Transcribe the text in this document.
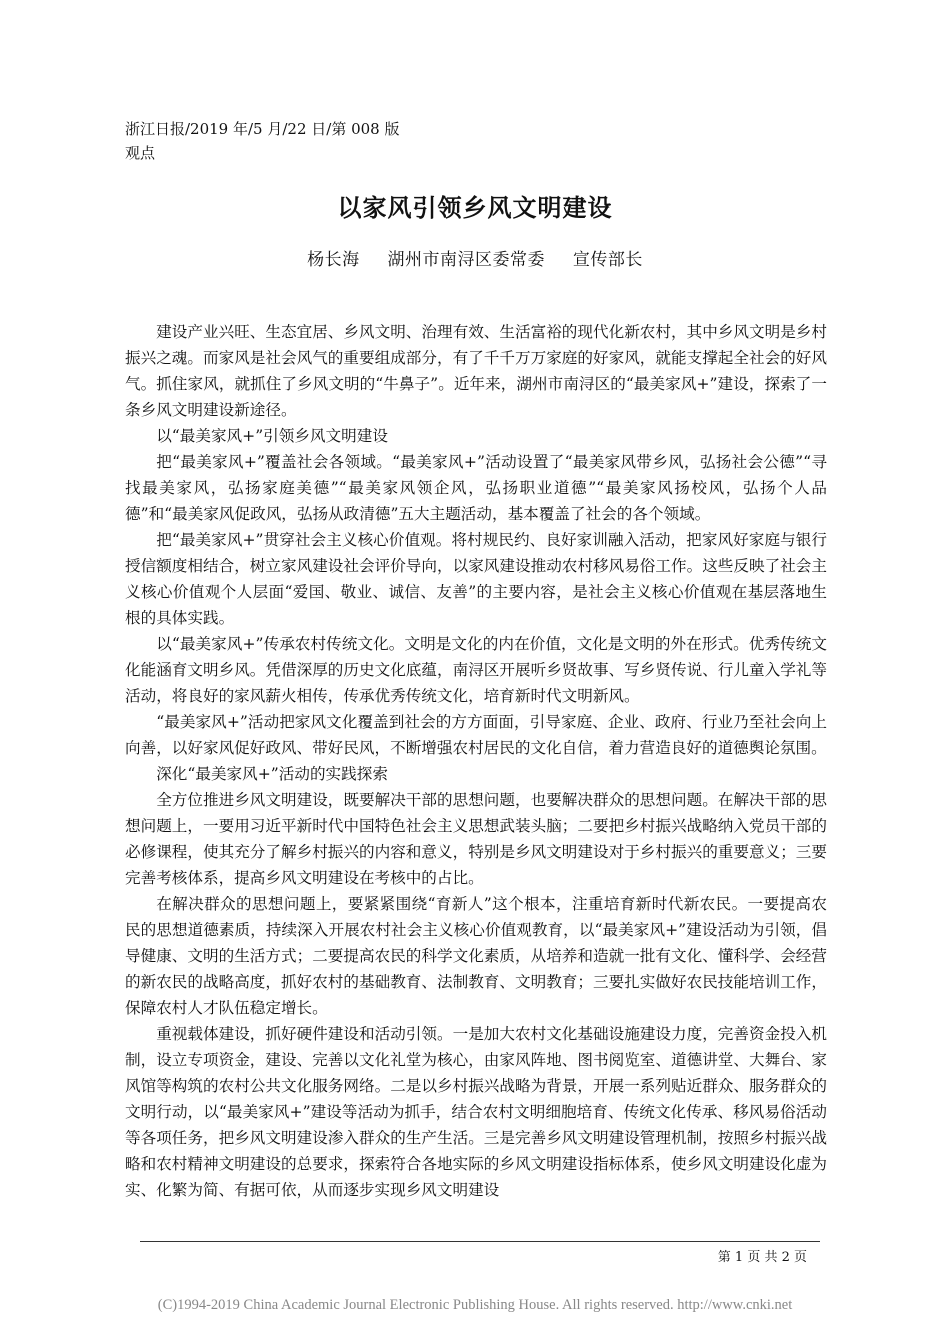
浙江日报/2019 年/5 月/22 日/第 008 版
观点
以家风引领乡风文明建设
杨长海 湖州市南浔区委常委 宣传部长

建设产业兴旺、生态宜居、乡风文明、治理有效、生活富裕的现代化新农村，其中乡风文明是乡村振兴之魂。而家风是社会风气的重要组成部分，有了千千万万家庭的好家风，就能支撑起全社会的好风气。抓住家风，就抓住了乡风文明的“牛鼻子”。近年来，湖州市南浔区的“最美家风+”建设，探索了一条乡风文明建设新途径。

以“最美家风+”引领乡风文明建设

把“最美家风+”覆盖社会各领域。“最美家风+”活动设置了“最美家风带乡风，弘扬社会公德”“寻找最美家风，弘扬家庭美德”“最美家风领企风，弘扬职业道德”“最美家风扬校风，弘扬个人品德”和“最美家风促政风，弘扬从政清德”五大主题活动，基本覆盖了社会的各个领域。

把“最美家风+”贯穿社会主义核心价值观。将村规民约、良好家训融入活动，把家风好家庭与银行授信额度相结合，树立家风建设社会评价导向，以家风建设推动农村移风易俗工作。这些反映了社会主义核心价值观个人层面“爱国、敬业、诚信、友善”的主要内容，是社会主义核心价值观在基层落地生根的具体实践。

以“最美家风+”传承农村传统文化。文明是文化的内在价值，文化是文明的外在形式。优秀传统文化能涵育文明乡风。凭借深厚的历史文化底蕴，南浔区开展听乡贤故事、写乡贤传说、行儿童入学礼等活动，将良好的家风薪火相传，传承优秀传统文化，培育新时代文明新风。

“最美家风+”活动把家风文化覆盖到社会的方方面面，引导家庭、企业、政府、行业乃至社会向上向善，以好家风促好政风、带好民风，不断增强农村居民的文化自信，着力营造良好的道德舆论氛围。

深化“最美家风+”活动的实践探索

全方位推进乡风文明建设，既要解决干部的思想问题，也要解决群众的思想问题。在解决干部的思想问题上，一要用习近平新时代中国特色社会主义思想武装头脑；二要把乡村振兴战略纳入党员干部的必修课程，使其充分了解乡村振兴的内容和意义，特别是乡风文明建设对于乡村振兴的重要意义；三要完善考核体系，提高乡风文明建设在考核中的占比。

在解决群众的思想问题上，要紧紧围绕“育新人”这个根本，注重培育新时代新农民。一要提高农民的思想道德素质，持续深入开展农村社会主义核心价值观教育，以“最美家风+”建设活动为引领，倡导健康、文明的生活方式；二要提高农民的科学文化素质，从培养和造就一批有文化、懂科学、会经营的新农民的战略高度，抓好农村的基础教育、法制教育、文明教育；三要扎实做好农民技能培训工作，保障农村人才队伍稳定增长。

重视载体建设，抓好硬件建设和活动引领。一是加大农村文化基础设施建设力度，完善资金投入机制，设立专项资金，建设、完善以文化礼堂为核心，由家风阵地、图书阅览室、道德讲堂、大舞台、家风馆等构筑的农村公共文化服务网络。二是以乡村振兴战略为背景，开展一系列贴近群众、服务群众的文明行动，以“最美家风+”建设等活动为抓手，结合农村文明细胞培育、传统文化传承、移风易俗活动等各项任务，把乡风文明建设渗入群众的生产生活。三是完善乡风文明建设管理机制，按照乡村振兴战略和农村精神文明建设的总要求，探索符合各地实际的乡风文明建设指标体系，使乡风文明建设化虚为实、化繁为简、有据可依，从而逐步实现乡风文明建设

第 1 页 共 2 页
(C)1994-2019 China Academic Journal Electronic Publishing House. All rights reserved. http://www.cnki.net
